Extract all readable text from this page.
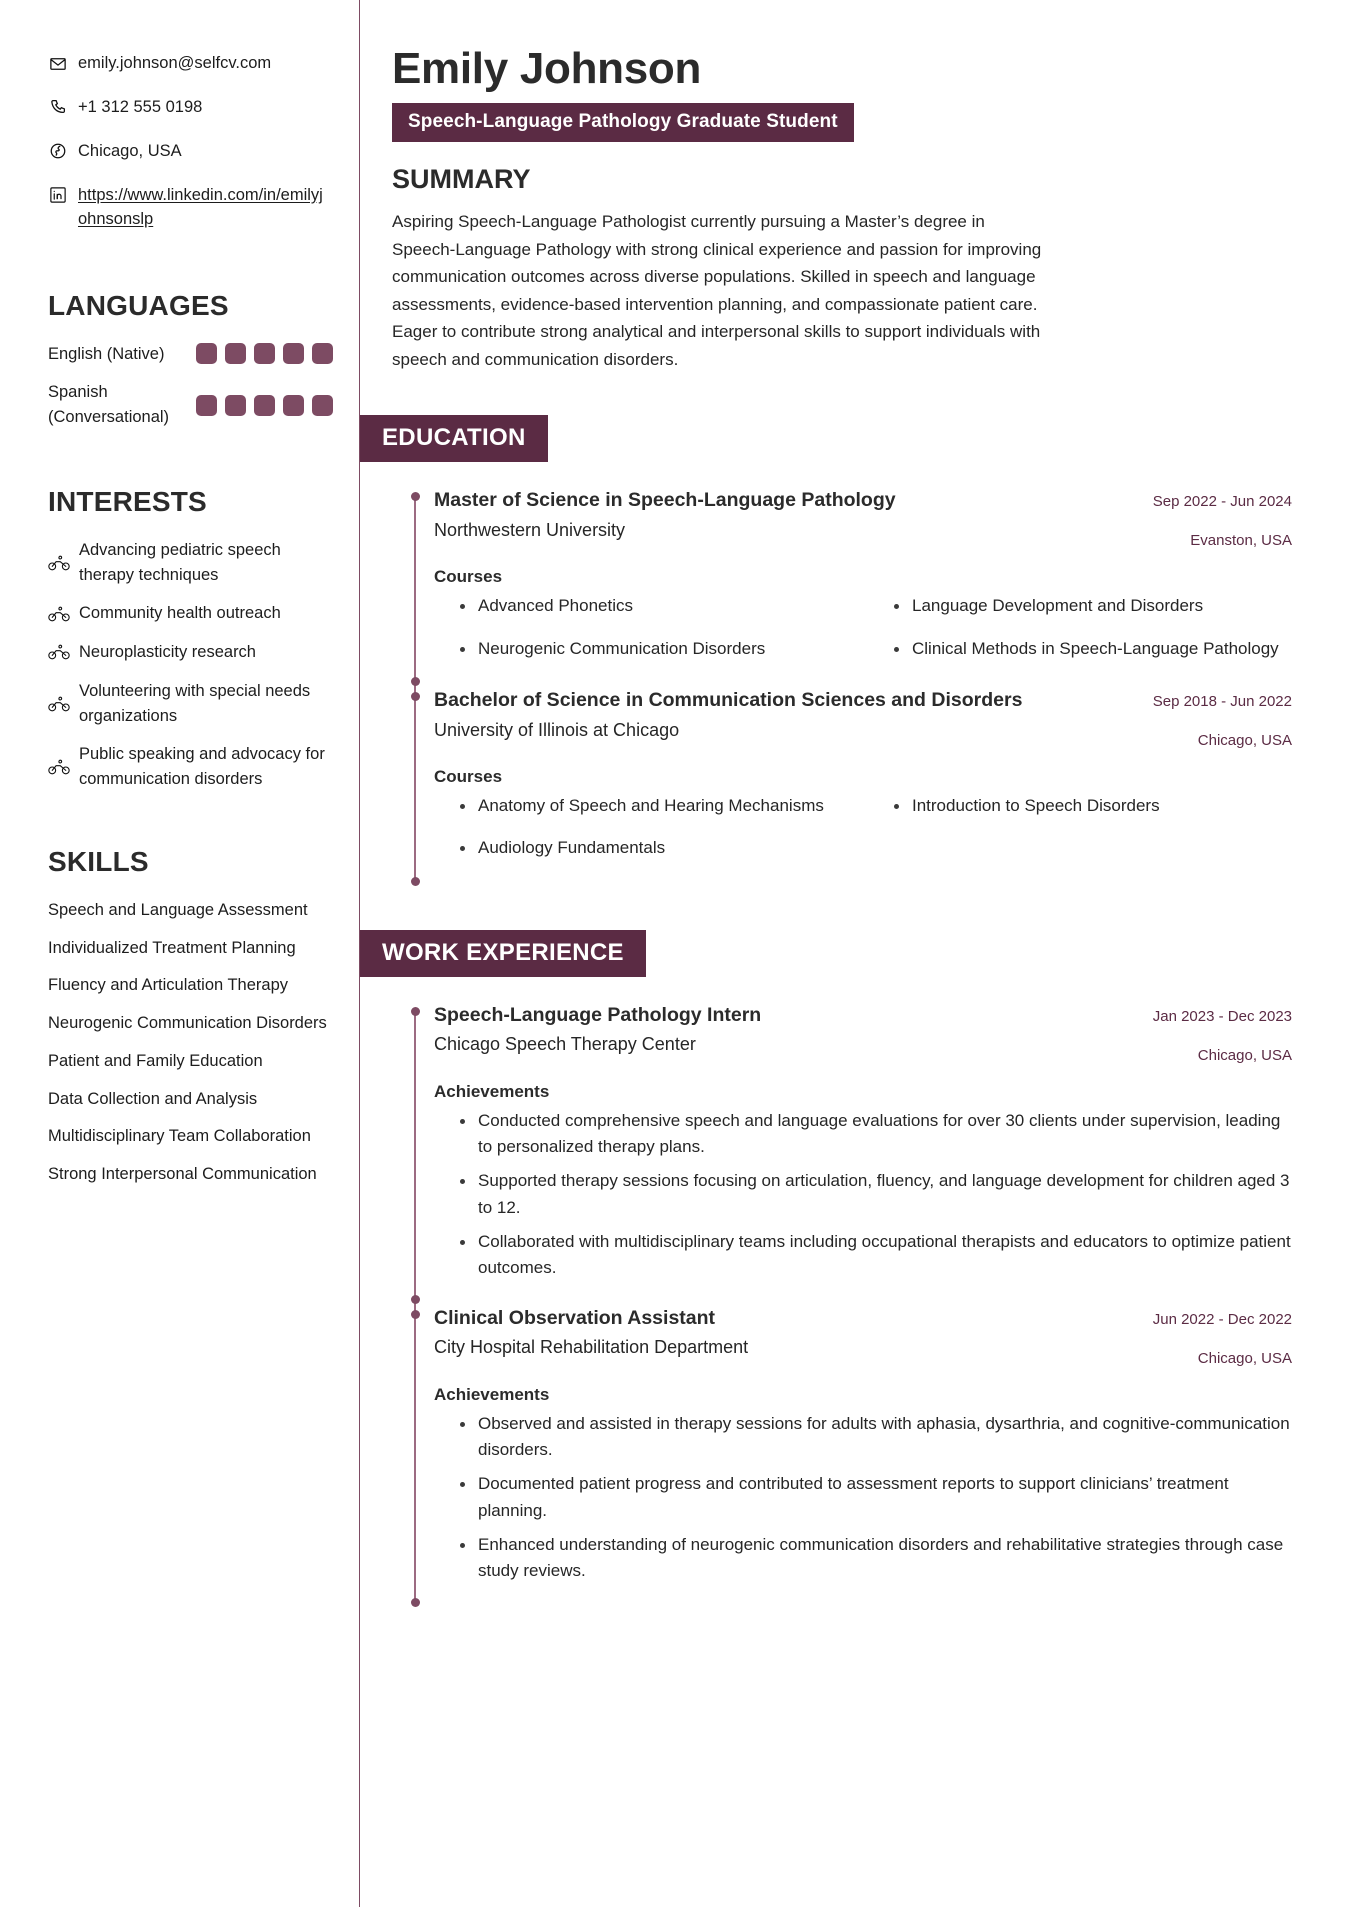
emily.johnson@selfcv.com
+1 312 555 0198
Chicago, USA
https://www.linkedin.com/in/emilyjohnsonslp
LANGUAGES
English (Native)
Spanish (Conversational)
INTERESTS
Advancing pediatric speech therapy techniques
Community health outreach
Neuroplasticity research
Volunteering with special needs organizations
Public speaking and advocacy for communication disorders
SKILLS
Speech and Language Assessment
Individualized Treatment Planning
Fluency and Articulation Therapy
Neurogenic Communication Disorders
Patient and Family Education
Data Collection and Analysis
Multidisciplinary Team Collaboration
Strong Interpersonal Communication
Emily Johnson
Speech-Language Pathology Graduate Student
SUMMARY

Aspiring Speech-Language Pathologist currently pursuing a Master’s degree in Speech-Language Pathology with strong clinical experience and passion for improving communication outcomes across diverse populations. Skilled in speech and language assessments, evidence-based intervention planning, and compassionate patient care. Eager to contribute strong analytical and interpersonal skills to support individuals with speech and communication disorders.

EDUCATION
Master of Science in Speech-Language Pathology
Northwestern University
Sep 2022 - Jun 2024
Evanston, USA
Courses
Advanced Phonetics	Language Development and Disorders
Neurogenic Communication Disorders	Clinical Methods in Speech-Language Pathology
Bachelor of Science in Communication Sciences and Disorders
University of Illinois at Chicago
Sep 2018 - Jun 2022
Chicago, USA
Courses
Anatomy of Speech and Hearing Mechanisms	Introduction to Speech Disorders
Audiology Fundamentals
WORK EXPERIENCE
Speech-Language Pathology Intern
Chicago Speech Therapy Center
Jan 2023 - Dec 2023
Chicago, USA
Achievements
Conducted comprehensive speech and language evaluations for over 30 clients under supervision, leading to personalized therapy plans.
Supported therapy sessions focusing on articulation, fluency, and language development for children aged 3 to 12.
Collaborated with multidisciplinary teams including occupational therapists and educators to optimize patient outcomes.
Clinical Observation Assistant
City Hospital Rehabilitation Department
Jun 2022 - Dec 2022
Chicago, USA
Achievements
Observed and assisted in therapy sessions for adults with aphasia, dysarthria, and cognitive-communication disorders.
Documented patient progress and contributed to assessment reports to support clinicians’ treatment planning.
Enhanced understanding of neurogenic communication disorders and rehabilitative strategies through case study reviews.
